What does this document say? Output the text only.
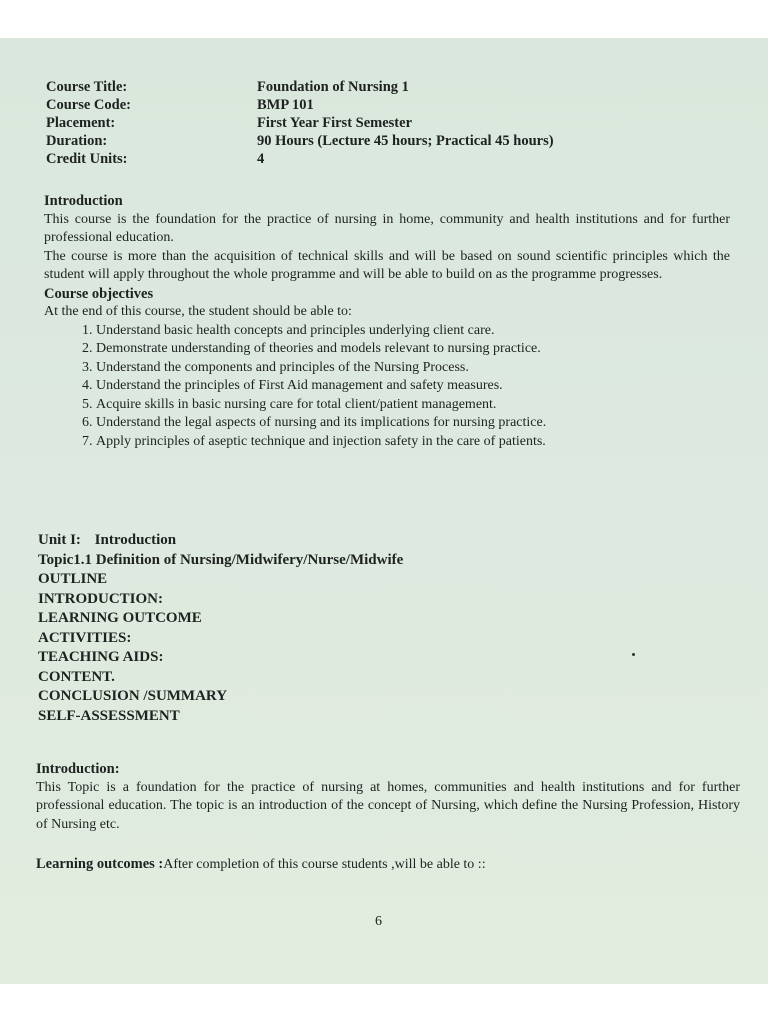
Course Title:	Foundation of Nursing 1
Course Code:	BMP 101
Placement:	First Year First Semester
Duration:	90 Hours (Lecture 45 hours; Practical 45 hours)
Credit Units:	4
Introduction
This course is the foundation for the practice of nursing in home, community and health institutions and for further professional education.
The course is more than the acquisition of technical skills and will be based on sound scientific principles which the student will apply throughout the whole programme and will be able to build on as the programme progresses.
Course objectives
At the end of this course, the student should be able to:
1. Understand basic health concepts and principles underlying client care.
2. Demonstrate understanding of theories and models relevant to nursing practice.
3. Understand the components and principles of the Nursing Process.
4. Understand the principles of First Aid management and safety measures.
5. Acquire skills in basic nursing care for total client/patient management.
6. Understand the legal aspects of nursing and its implications for nursing practice.
7. Apply principles of aseptic technique and injection safety in the care of patients.
Unit I: Introduction
Topic1.1 Definition of Nursing/Midwifery/Nurse/Midwife
OUTLINE
INTRODUCTION:
LEARNING OUTCOME
ACTIVITIES:
TEACHING AIDS:
CONTENT.
CONCLUSION /SUMMARY
SELF-ASSESSMENT
Introduction:
This Topic is a foundation for the practice of nursing at homes, communities and health institutions and for further professional education. The topic is an introduction of the concept of Nursing, which define the Nursing Profession, History of Nursing etc.
Learning outcomes :After completion of this course students ,will be able to ::
6
